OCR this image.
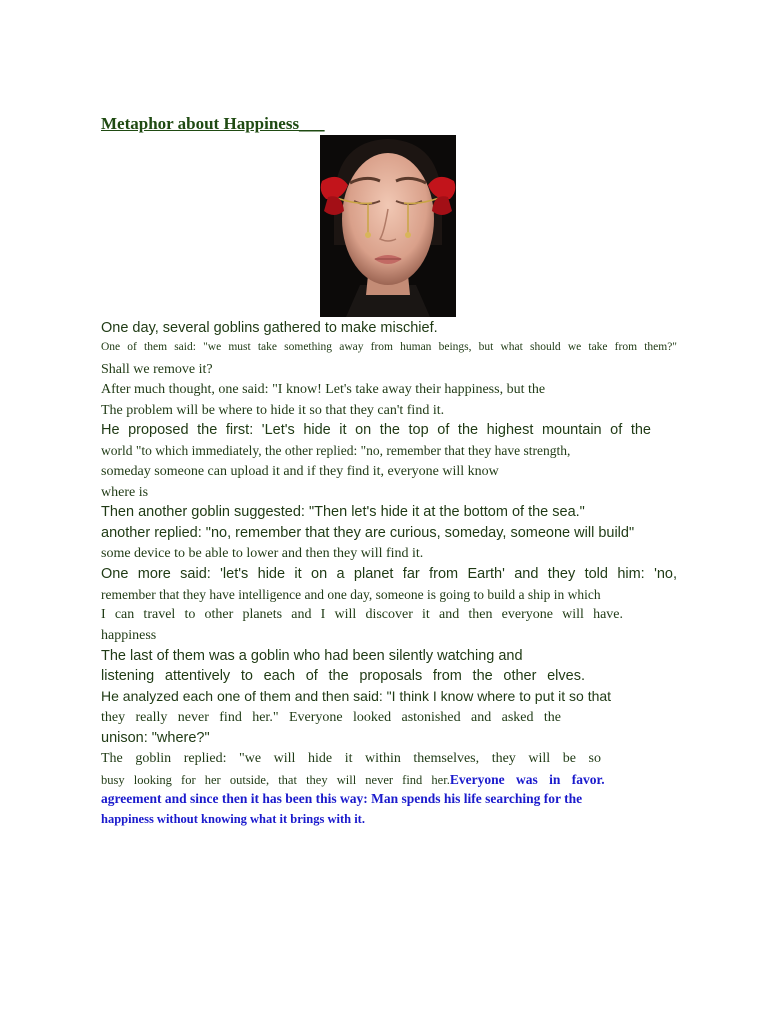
Metaphor about Happiness___

One day, several goblins gathered to make mischief.

One of them said: "we must take something away from human beings, but what should we take from them?"

Shall we remove it?

After much thought, one said: "I know! Let's take away their happiness, but the

The problem will be where to hide it so that they can't find it.

He proposed the first: 'Let's hide it on the top of the highest mountain of the

world "to which immediately, the other replied: "no, remember that they have strength,

someday someone can upload it and if they find it, everyone will know

where is

Then another goblin suggested: "Then let's hide it at the bottom of the sea."

another replied: "no, remember that they are curious, someday, someone will build"

some device to be able to lower and then they will find it.

One more said: 'let's hide it on a planet far from Earth' and they told him: 'no,

remember that they have intelligence and one day, someone is going to build a ship in which

I can travel to other planets and I will discover it and then everyone will have.

happiness

The last of them was a goblin who had been silently watching and

listening attentively to each of the proposals from the other elves.

He analyzed each one of them and then said: "I think I know where to put it so that

they really never find her." Everyone looked astonished and asked the

unison: "where?"

The goblin replied: "we will hide it within themselves, they will be so

busy looking for her outside, that they will never find her.Everyone was in favor.

agreement and since then it has been this way: Man spends his life searching for the

happiness without knowing what it brings with it.
